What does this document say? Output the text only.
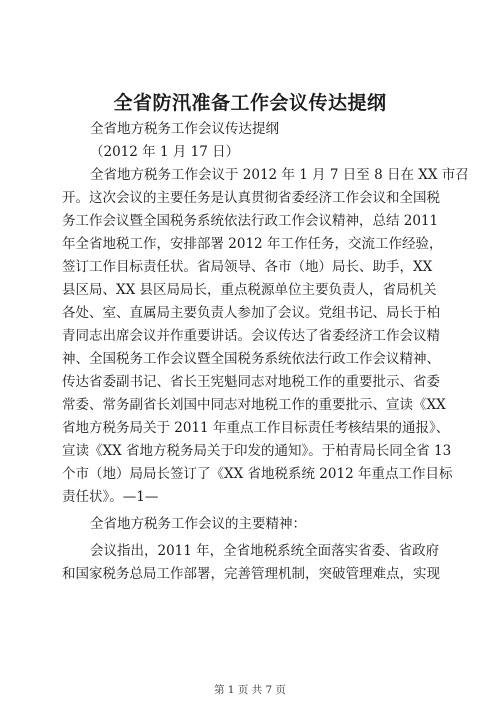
全省防汛准备工作会议传达提纲
全省地方税务工作会议传达提纲
（2012 年 1 月 17 日）
全省地方税务工作会议于 2012 年 1 月 7 日至 8 日在 XX 市召
开。这次会议的主要任务是认真贯彻省委经济工作会议和全国税
务工作会议暨全国税务系统依法行政工作会议精神，总结 2011
年全省地税工作，安排部署 2012 年工作任务，交流工作经验，
签订工作目标责任状。省局领导、各市（地）局长、助手，XX
县区局、XX 县区局局长，重点税源单位主要负责人，省局机关
各处、室、直属局主要负责人参加了会议。党组书记、局长于柏
青同志出席会议并作重要讲话。会议传达了省委经济工作会议精
神、全国税务工作会议暨全国税务系统依法行政工作会议精神、
传达省委副书记、省长王宪魁同志对地税工作的重要批示、省委
常委、常务副省长刘国中同志对地税工作的重要批示、宣读《XX
省地方税务局关于 2011 年重点工作目标责任考核结果的通报》、
宣读《XX 省地方税务局关于印发的通知》。于柏青局长同全省 13
个市（地）局局长签订了《XX 省地税系统 2012 年重点工作目标
责任状》。—1—
全省地方税务工作会议的主要精神：
会议指出，2011 年，全省地税系统全面落实省委、省政府
和国家税务总局工作部署，完善管理机制，突破管理难点，实现
第 1 页 共 7 页
